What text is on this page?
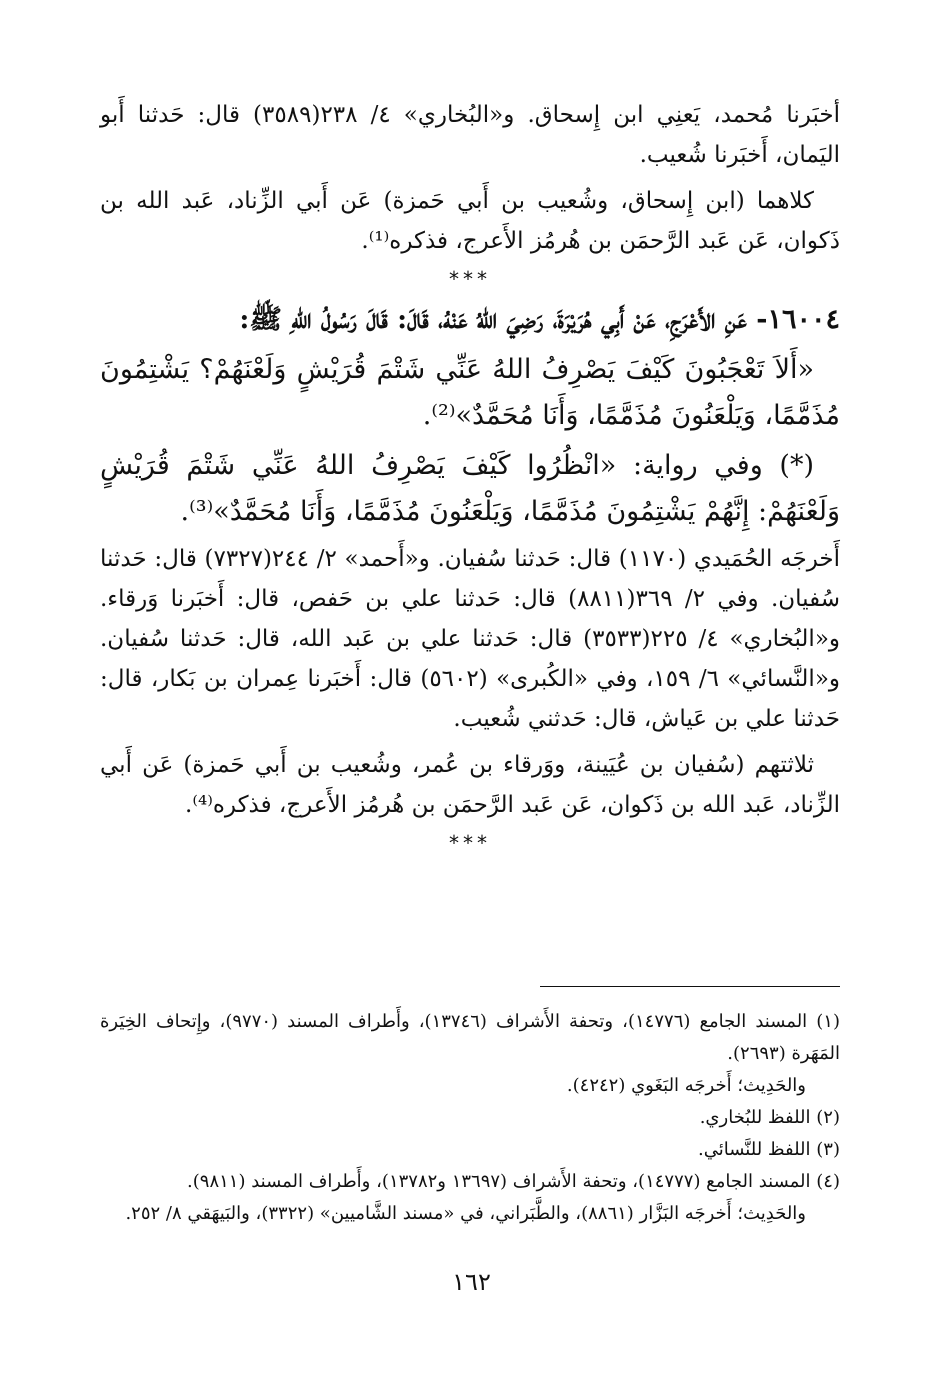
أخبَرنا مُحمد، يَعنِي ابن إِسحاق. و«البُخاري» ٤/ ٢٣٨(٣٥٨٩) قال: حَدثنا أَبو اليَمان، أَخبَرنا شُعيب.

كلاهما (ابن إِسحاق، وشُعيب بن أَبي حَمزة) عَن أَبي الزِّناد، عَبد الله بن ذَكوان، عَن عَبد الرَّحمَن بن هُرمُز الأَعرج، فذكره⁽¹⁾.

***

١٦٠٠٤- عَنِ الأَعْرَجِ، عَنْ أَبِي هُرَيْرَةَ، رَضِيَ اللهُ عَنْهُ، قَالَ: قَالَ رَسُولُ اللهِ ﷺ:

«أَلاَ تَعْجَبُونَ كَيْفَ يَصْرِفُ اللهُ عَنِّي شَتْمَ قُرَيْشٍ وَلَعْنَهُمْ؟ يَشْتِمُونَ مُذَمَّمًا، وَيَلْعَنُونَ مُذَمَّمًا، وَأَنَا مُحَمَّدٌ»⁽²⁾.

(*) وفي رواية: «انْظُرُوا كَيْفَ يَصْرِفُ اللهُ عَنِّي شَتْمَ قُرَيْشٍ وَلَعْنَهُمْ: إِنَّهُمْ يَشْتِمُونَ مُذَمَّمًا، وَيَلْعَنُونَ مُذَمَّمًا، وَأَنَا مُحَمَّدٌ»⁽³⁾.

أَخرجَه الحُمَيدي (١١٧٠) قال: حَدثنا سُفيان. و«أَحمد» ٢/ ٢٤٤(٧٣٢٧) قال: حَدثنا سُفيان. وفي ٢/ ٣٦٩(٨٨١١) قال: حَدثنا علي بن حَفص، قال: أَخبَرنا وَرقاء. و«البُخاري» ٤/ ٢٢٥(٣٥٣٣) قال: حَدثنا علي بن عَبد الله، قال: حَدثنا سُفيان. و«النَّسائي» ٦/ ١٥٩، وفي «الكُبرى» (٥٦٠٢) قال: أَخبَرنا عِمران بن بَكار، قال: حَدثنا علي بن عَياش، قال: حَدثني شُعيب.

ثلاثتهم (سُفيان بن عُيَينة، ووَرقاء بن عُمر، وشُعيب بن أَبي حَمزة) عَن أَبي الزِّناد، عَبد الله بن ذَكوان، عَن عَبد الرَّحمَن بن هُرمُز الأَعرج، فذكره⁽⁴⁾.

***

(١) المسند الجامع (١٤٧٧٦)، وتحفة الأَشراف (١٣٧٤٦)، وأَطراف المسند (٩٧٧٠)، وإِتحاف الخِيَرة المَهَرة (٢٦٩٣).

والحَدِيث؛ أَخرجَه البَغَوي (٤٢٤٢).

(٢) اللفظ للبُخاري.

(٣) اللفظ للنَّسائي.

(٤) المسند الجامع (١٤٧٧٧)، وتحفة الأَشراف (١٣٦٩٧ و١٣٧٨٢)، وأَطراف المسند (٩٨١١).

والحَدِيث؛ أَخرجَه البَزَّار (٨٨٦١)، والطَّبَراني، في «مسند الشَّاميين» (٣٣٢٢)، والبَيهَقي ٨/ ٢٥٢.

١٦٢
